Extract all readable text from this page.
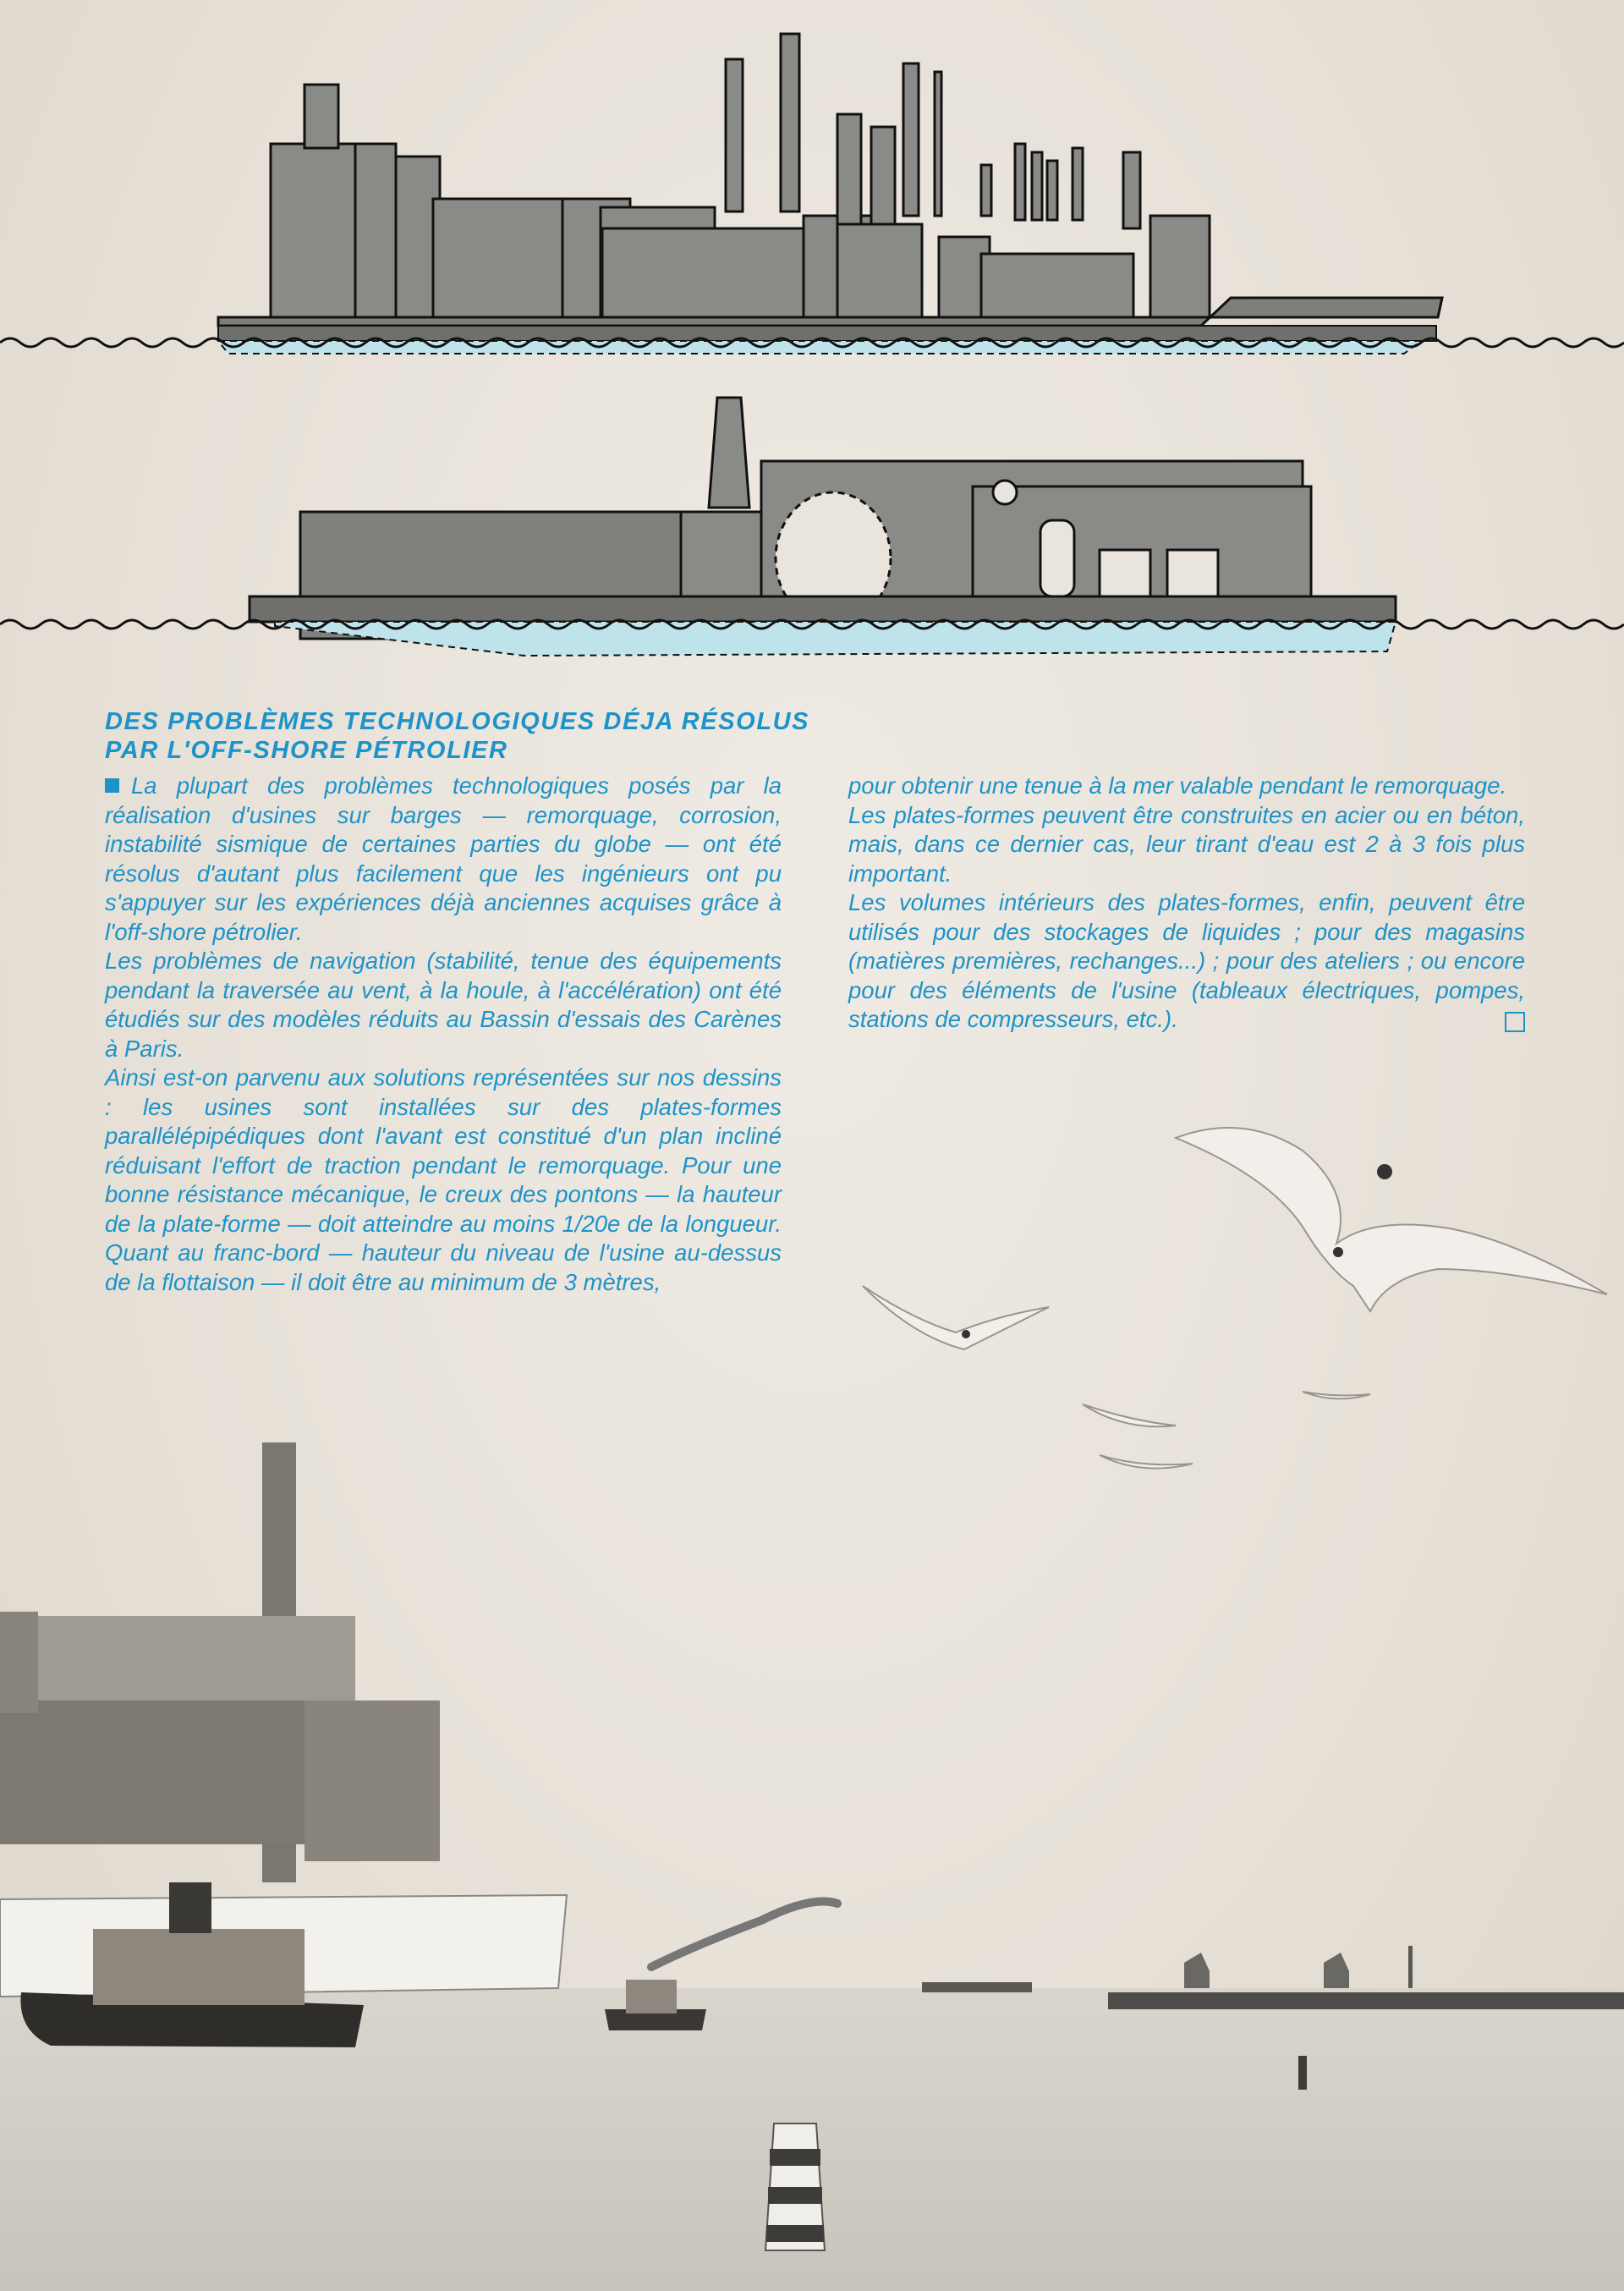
DES PROBLÈMES TECHNOLOGIQUES DÉJA RÉSOLUS
PAR L'OFF-SHORE PÉTROLIER

La plupart des problèmes technologiques posés par la réalisation d'usines sur barges — remorquage, corrosion, instabilité sismique de certaines parties du globe — ont été résolus d'autant plus facilement que les ingénieurs ont pu s'appuyer sur les expériences déjà anciennes acquises grâce à l'off-shore pétrolier.

Les problèmes de navigation (stabilité, tenue des équipements pendant la traversée au vent, à la houle, à l'accélération) ont été étudiés sur des modèles réduits au Bassin d'essais des Carènes à Paris.

Ainsi est-on parvenu aux solutions représentées sur nos dessins : les usines sont installées sur des plates-formes parallélépipédiques dont l'avant est constitué d'un plan incliné réduisant l'effort de traction pendant le remorquage. Pour une bonne résistance mécanique, le creux des pontons — la hauteur de la plate-forme — doit atteindre au moins 1/20e de la longueur. Quant au franc-bord — hauteur du niveau de l'usine au-dessus de la flottaison — il doit être au minimum de 3 mètres,

pour obtenir une tenue à la mer valable pendant le remorquage.

Les plates-formes peuvent être construites en acier ou en béton, mais, dans ce dernier cas, leur tirant d'eau est 2 à 3 fois plus important.

Les volumes intérieurs des plates-formes, enfin, peuvent être utilisés pour des stockages de liquides ; pour des magasins (matières premières, rechanges...) ; pour des ateliers ; ou encore pour des éléments de l'usine (tableaux électriques, pompes, stations de compresseurs, etc.).
